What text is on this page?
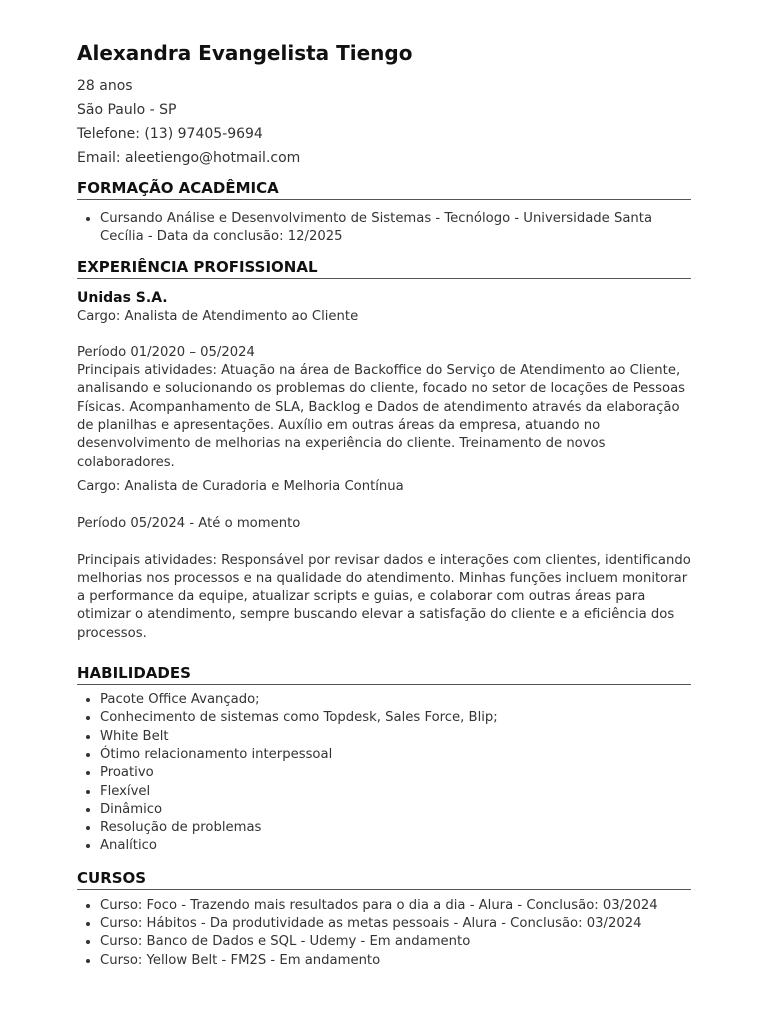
Alexandra Evangelista Tiengo

28 anos

São Paulo - SP

Telefone: (13) 97405-9694

Email: aleetiengo@hotmail.com

FORMAÇÃO ACADÊMICA
• Cursando Análise e Desenvolvimento de Sistemas - Tecnólogo - Universidade Santa Cecília - Data da conclusão: 12/2025
EXPERIÊNCIA PROFISSIONAL

Unidas S.A.

Cargo: Analista de Atendimento ao Cliente

Período 01/2020 – 05/2024

Principais atividades: Atuação na área de Backoffice do Serviço de Atendimento ao Cliente, analisando e solucionando os problemas do cliente, focado no setor de locações de Pessoas Físicas. Acompanhamento de SLA, Backlog e Dados de atendimento através da elaboração de planilhas e apresentações. Auxílio em outras áreas da empresa, atuando no desenvolvimento de melhorias na experiência do cliente. Treinamento de novos colaboradores.

Cargo: Analista de Curadoria e Melhoria Contínua

Período 05/2024 - Até o momento

Principais atividades: Responsável por revisar dados e interações com clientes, identificando melhorias nos processos e na qualidade do atendimento. Minhas funções incluem monitorar a performance da equipe, atualizar scripts e guias, e colaborar com outras áreas para otimizar o atendimento, sempre buscando elevar a satisfação do cliente e a eficiência dos processos.

HABILIDADES
• Pacote Office Avançado;
• Conhecimento de sistemas como Topdesk, Sales Force, Blip;
• White Belt
• Ótimo relacionamento interpessoal
• Proativo
• Flexível
• Dinâmico
• Resolução de problemas
• Analítico
CURSOS
• Curso: Foco - Trazendo mais resultados para o dia a dia - Alura - Conclusão: 03/2024
• Curso: Hábitos - Da produtividade as metas pessoais - Alura - Conclusão: 03/2024
• Curso: Banco de Dados e SQL - Udemy - Em andamento
• Curso: Yellow Belt - FM2S - Em andamento
